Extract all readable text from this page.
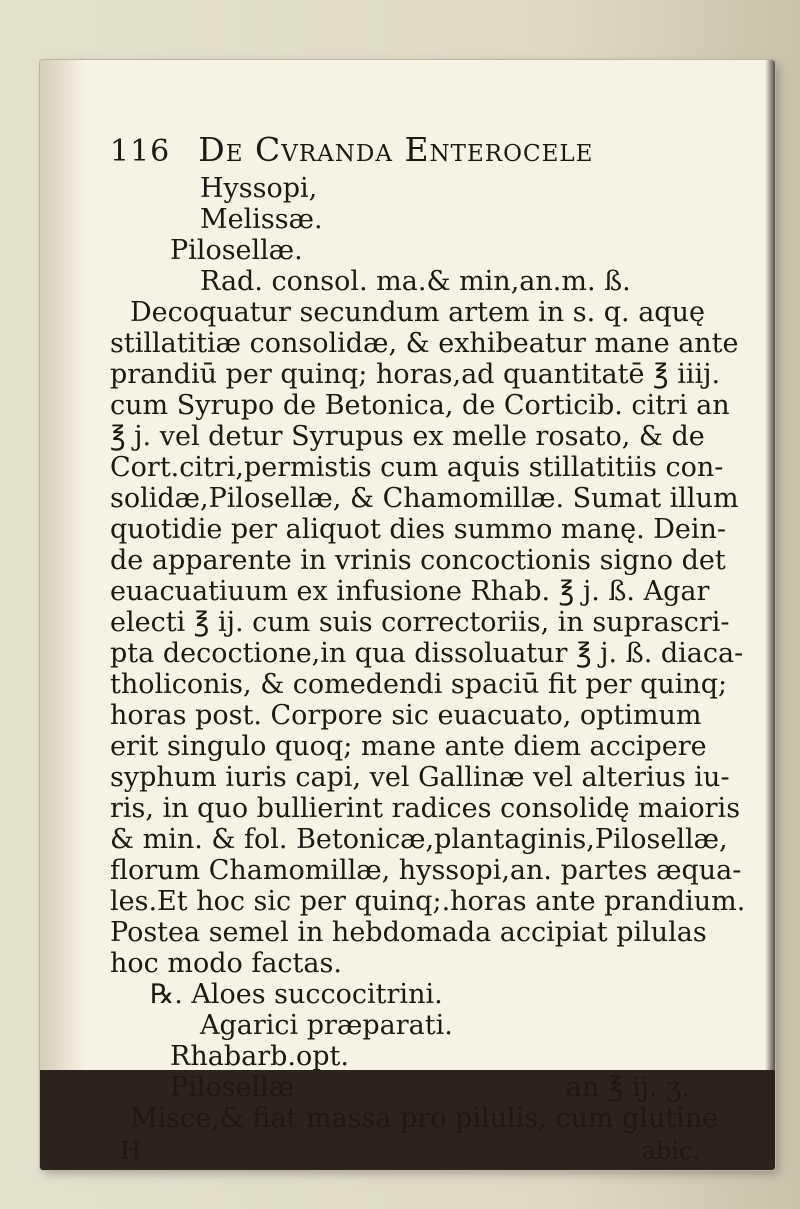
116 De Cvranda Enterocele
Hyssopi,
Melissæ.
Pilosellæ.
Rad. consol. ma.& min,an.m. ß.
Decoquatur secundum artem in s. q. aquę
stillatitiæ consolidæ, & exhibeatur mane ante
prandiū per quinq; horas,ad quantitatē ℥ iiij.
cum Syrupo de Betonica, de Corticib. citri an
℥ j. vel detur Syrupus ex melle rosato, & de
Cort.citri,permistis cum aquis stillatitiis con-
solidæ,Pilosellæ, & Chamomillæ. Sumat illum
quotidie per aliquot dies summo manę. Dein-
de apparente in vrinis concoctionis signo det
euacuatiuum ex infusione Rhab. ℥ j. ß. Agar
electi ℥ ij. cum suis correctoriis, in suprascri-
pta decoctione,in qua dissoluatur ℥ j. ß. diaca-
tholiconis, & comedendi spaciū fit per quinq;
horas post. Corpore sic euacuato, optimum
erit singulo quoq; mane ante diem accipere
syphum iuris capi, vel Gallinæ vel alterius iu-
ris, in quo bullierint radices consolidę maioris
& min. & fol. Betonicæ,plantaginis,Pilosellæ,
florum Chamomillæ, hyssopi,an. partes æqua-
les.Et hoc sic per quinq;.horas ante prandium.
Postea semel in hebdomada accipiat pilulas
hoc modo factas.
℞. Aloes succocitrini.
Agarici præparati.
Rhabarb.opt.
Pilosellæ	an ℥ ij. ʒ.
Misce,& fiat massa pro pilulis, cum glutine
H	abic.
